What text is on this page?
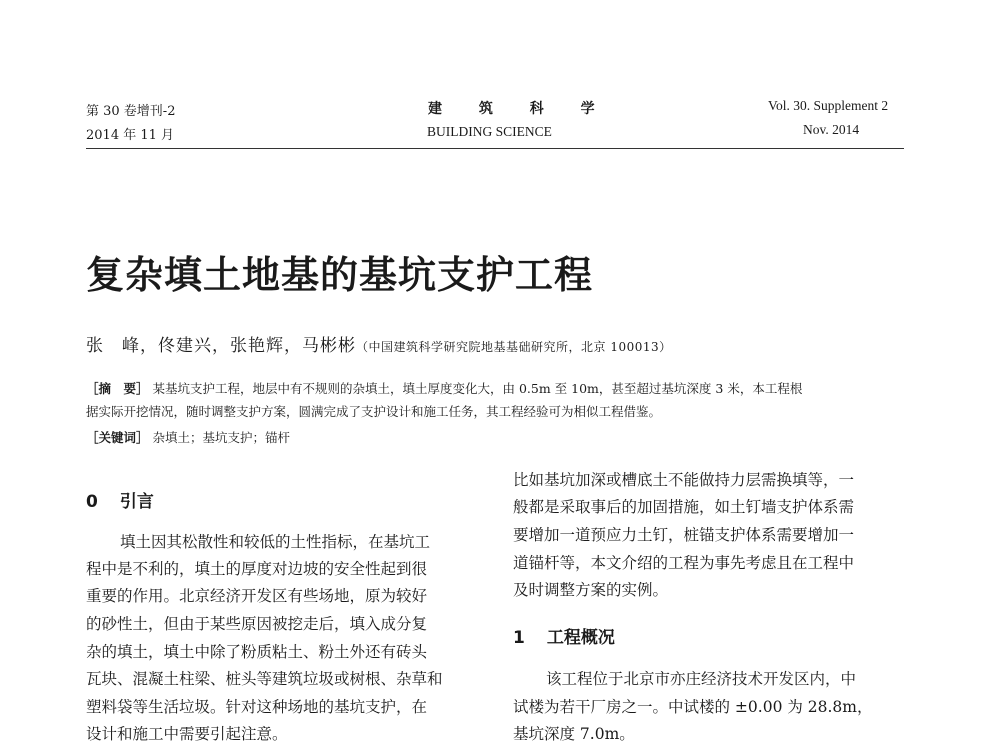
第 30 卷增刊-2
2014 年 11 月
建 筑 科 学
BUILDING SCIENCE
Vol. 30. Supplement 2
Nov. 2014
复杂填土地基的基坑支护工程
张　峰，佟建兴，张艳辉，马彬彬（中国建筑科学研究院地基基础研究所，北京 100013）
［摘　要］ 某基坑支护工程，地层中有不规则的杂填土，填土厚度变化大，由 0.5m 至 10m，甚至超过基坑深度 3 米，本工程根
据实际开挖情况，随时调整支护方案，圆满完成了支护设计和施工任务，其工程经验可为相似工程借鉴。
［关键词］ 杂填土；基坑支护；锚杆
0 引言
填土因其松散性和较低的土性指标，在基坑工
程中是不利的，填土的厚度对边坡的安全性起到很
重要的作用。北京经济开发区有些场地，原为较好
的砂性土，但由于某些原因被挖走后，填入成分复
杂的填土，填土中除了粉质粘土、粉土外还有砖头
瓦块、混凝土柱梁、桩头等建筑垃圾或树根、杂草和
塑料袋等生活垃圾。针对这种场地的基坑支护，在
设计和施工中需要引起注意。
比如基坑加深或槽底土不能做持力层需换填等，一
般都是采取事后的加固措施，如土钉墙支护体系需
要增加一道预应力土钉，桩锚支护体系需要增加一
道锚杆等，本文介绍的工程为事先考虑且在工程中
及时调整方案的实例。
1 工程概况
该工程位于北京市亦庄经济技术开发区内，中
试楼为若干厂房之一。中试楼的 ±0.00 为 28.8m，
基坑深度 7.0m。
